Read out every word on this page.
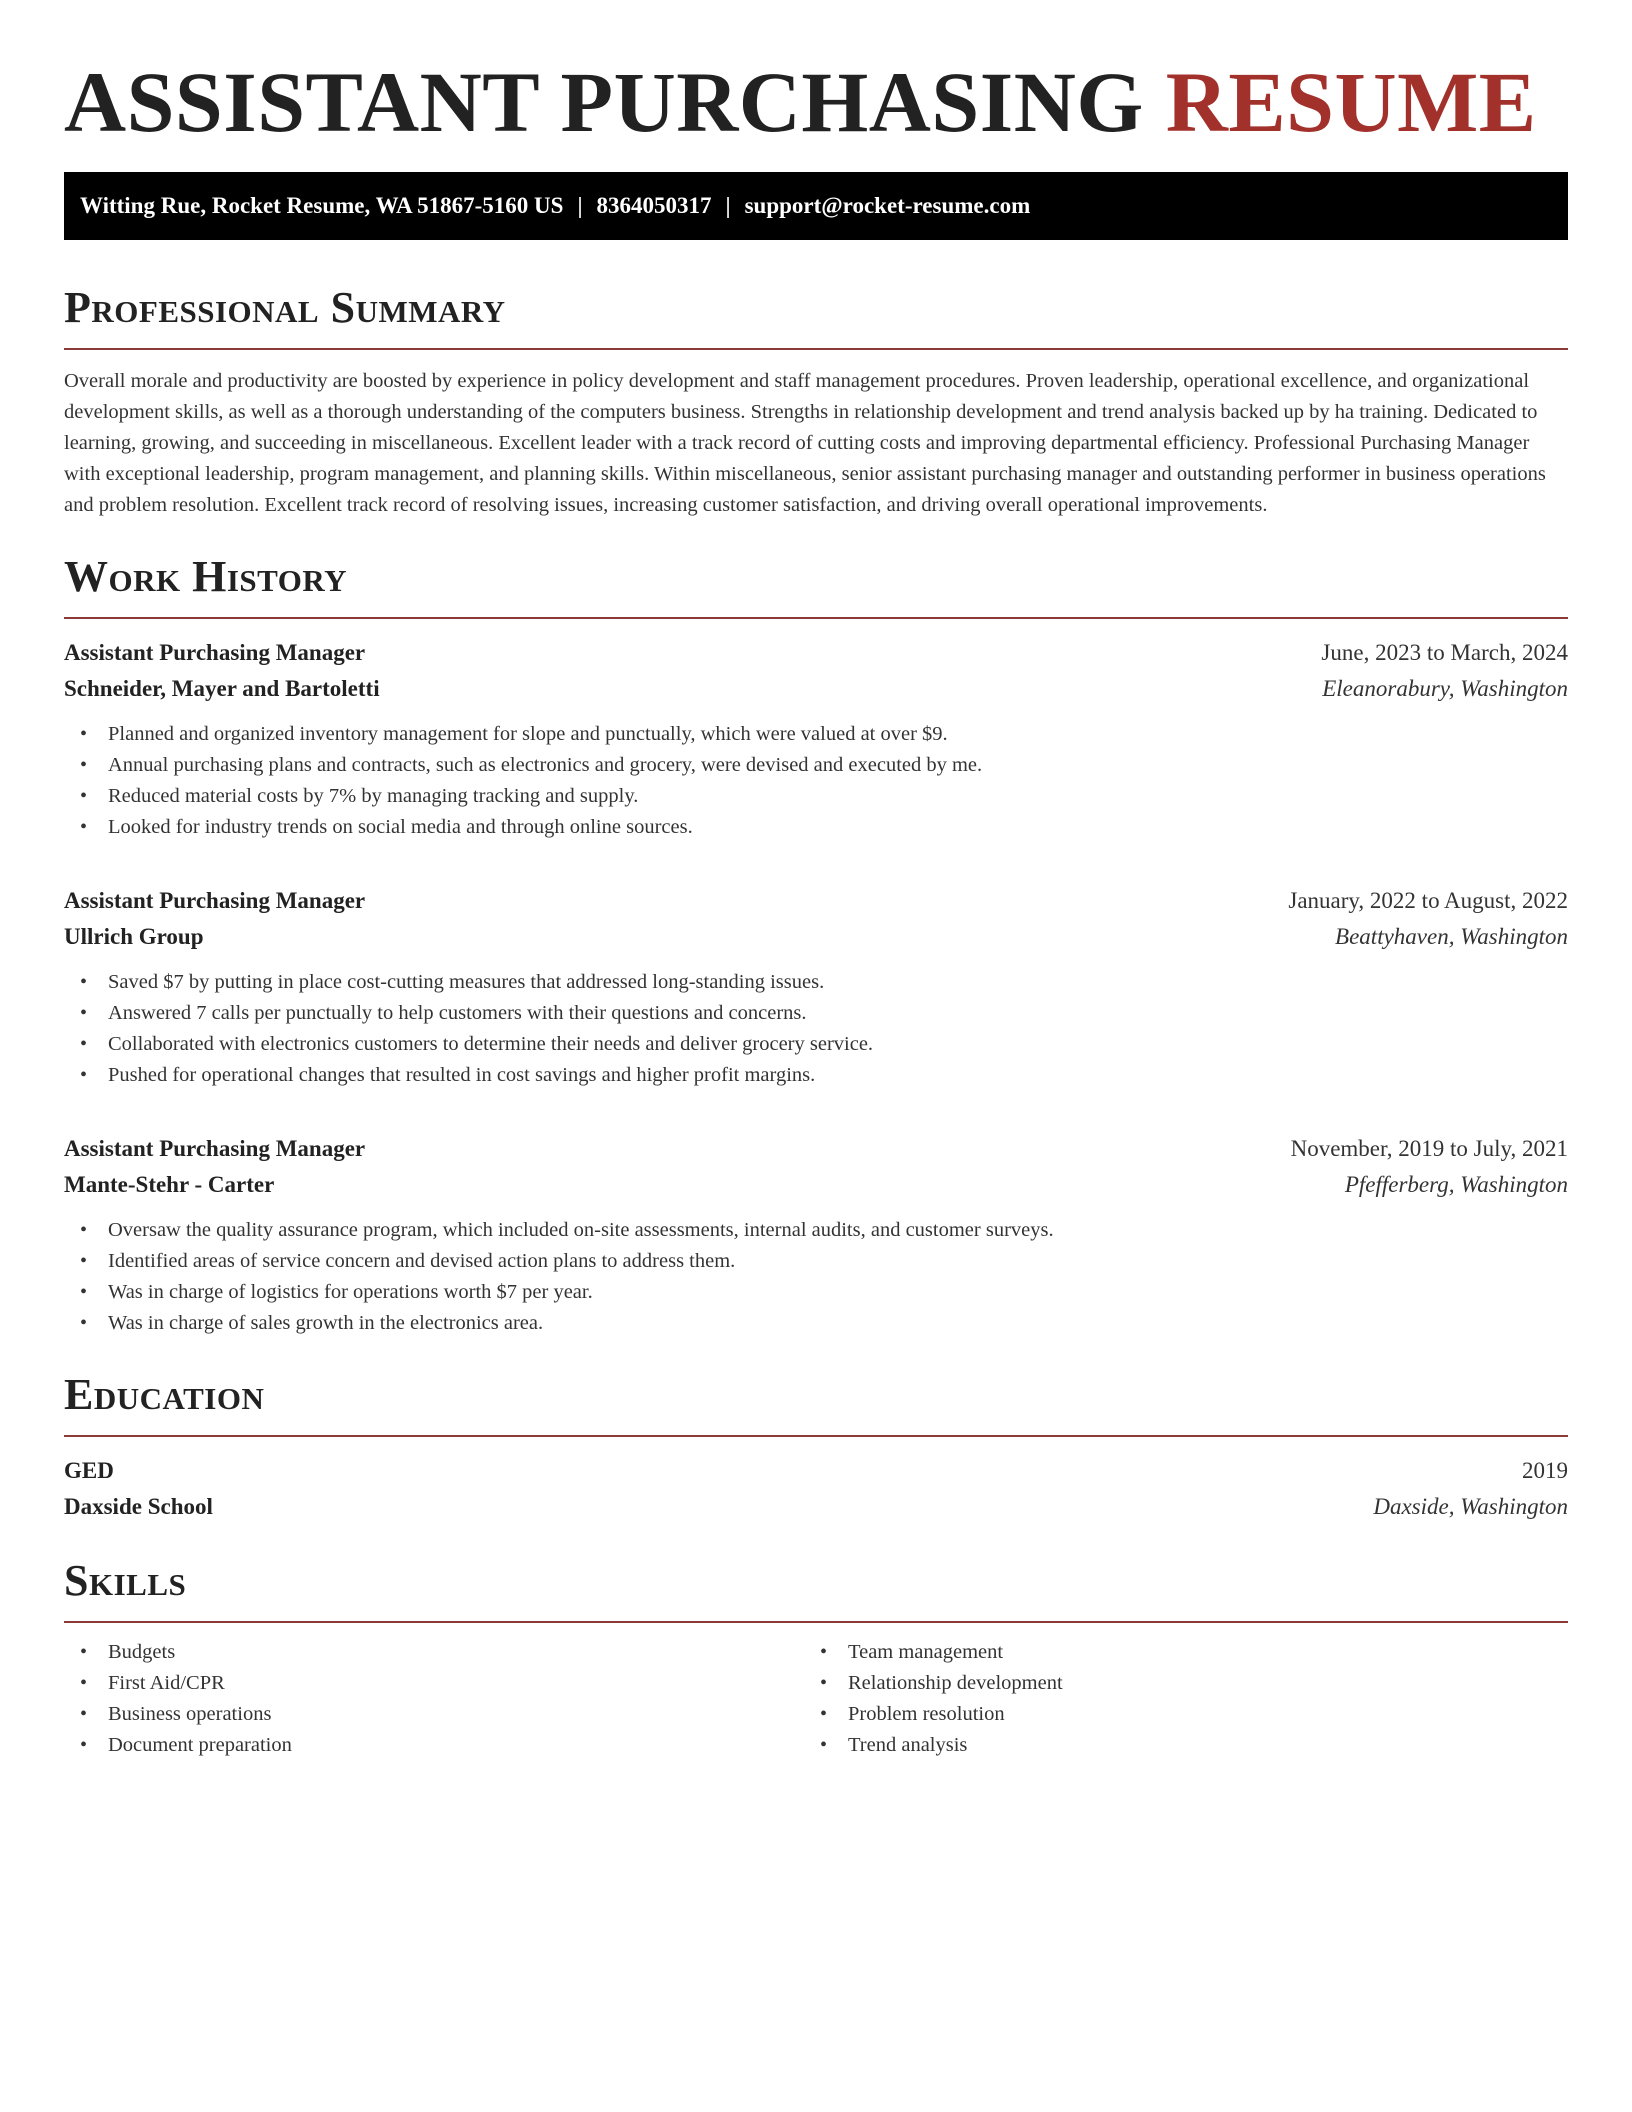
ASSISTANT PURCHASING RESUME
Witting Rue, Rocket Resume, WA 51867-5160 US | 8364050317 | support@rocket-resume.com
Professional Summary

Overall morale and productivity are boosted by experience in policy development and staff management procedures. Proven leadership, operational excellence, and organizational development skills, as well as a thorough understanding of the computers business. Strengths in relationship development and trend analysis backed up by ha training. Dedicated to learning, growing, and succeeding in miscellaneous. Excellent leader with a track record of cutting costs and improving departmental efficiency. Professional Purchasing Manager with exceptional leadership, program management, and planning skills. Within miscellaneous, senior assistant purchasing manager and outstanding performer in business operations and problem resolution. Excellent track record of resolving issues, increasing customer satisfaction, and driving overall operational improvements.

Work History
Assistant Purchasing Manager	June, 2023 to March, 2024
Schneider, Mayer and Bartoletti	Eleanorabury, Washington
• Planned and organized inventory management for slope and punctually, which were valued at over $9.
• Annual purchasing plans and contracts, such as electronics and grocery, were devised and executed by me.
• Reduced material costs by 7% by managing tracking and supply.
• Looked for industry trends on social media and through online sources.
Assistant Purchasing Manager	January, 2022 to August, 2022
Ullrich Group	Beattyhaven, Washington
• Saved $7 by putting in place cost-cutting measures that addressed long-standing issues.
• Answered 7 calls per punctually to help customers with their questions and concerns.
• Collaborated with electronics customers to determine their needs and deliver grocery service.
• Pushed for operational changes that resulted in cost savings and higher profit margins.
Assistant Purchasing Manager	November, 2019 to July, 2021
Mante-Stehr - Carter	Pfefferberg, Washington
• Oversaw the quality assurance program, which included on-site assessments, internal audits, and customer surveys.
• Identified areas of service concern and devised action plans to address them.
• Was in charge of logistics for operations worth $7 per year.
• Was in charge of sales growth in the electronics area.
Education
GED	2019
Daxside School	Daxside, Washington
Skills
• Budgets
• First Aid/CPR
• Business operations
• Document preparation
• Team management
• Relationship development
• Problem resolution
• Trend analysis
